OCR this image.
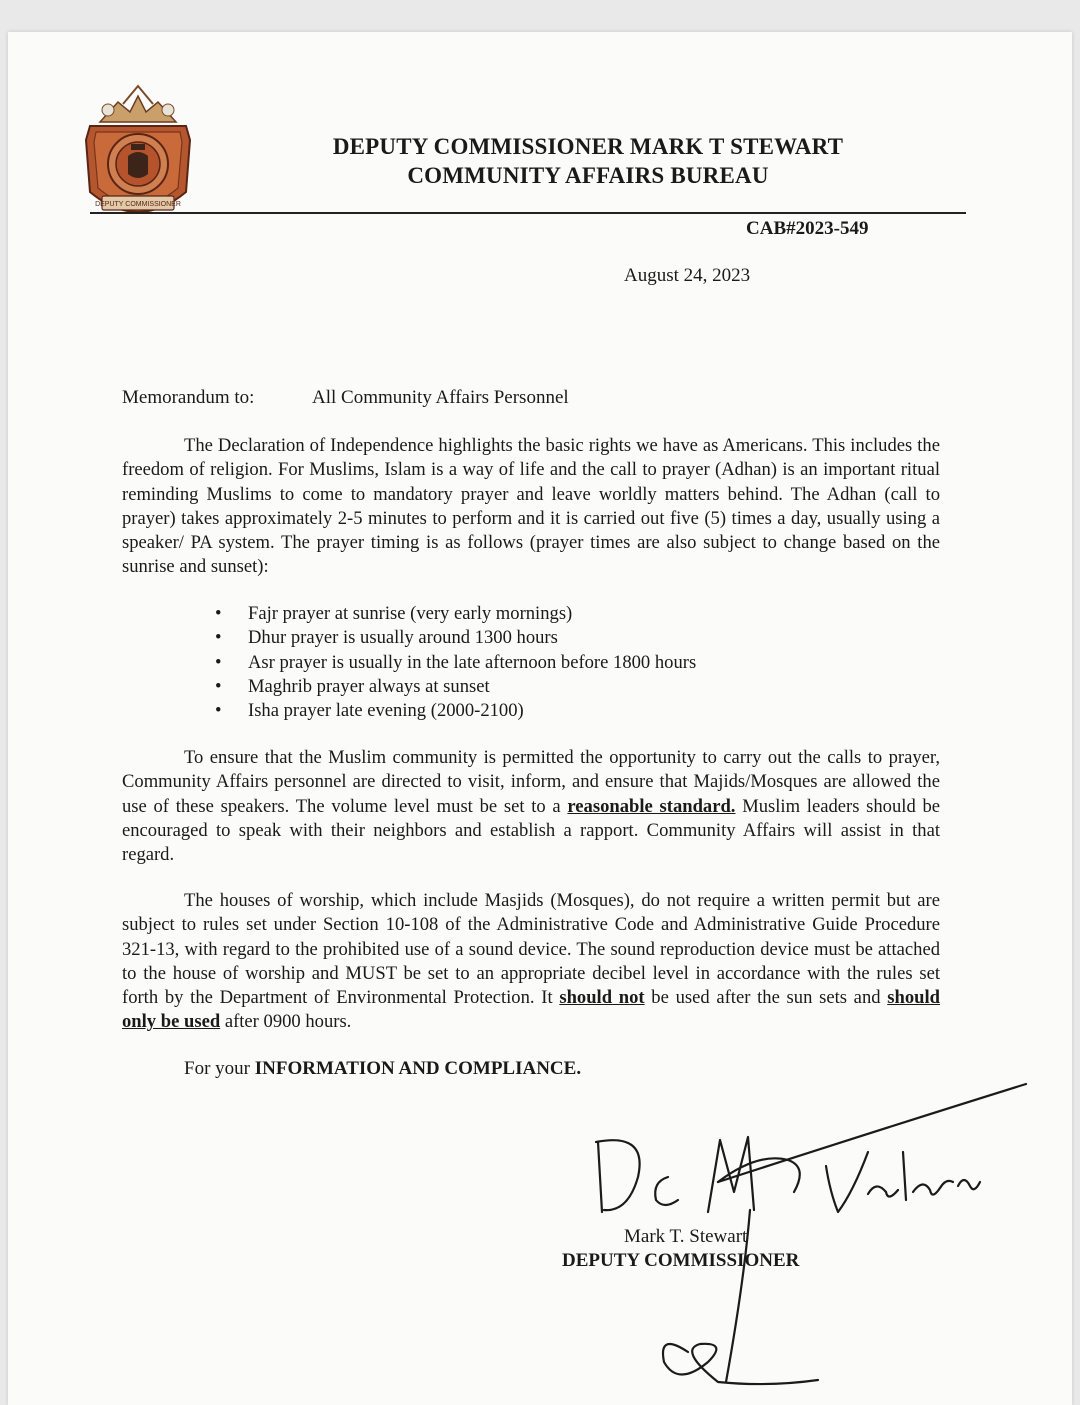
DEPUTY COMMISSIONER
DEPUTY COMMISSIONER MARK T STEWART
COMMUNITY AFFAIRS BUREAU
CAB#2023-549
August 24, 2023
Memorandum to:	All Community Affairs Personnel
The Declaration of Independence highlights the basic rights we have as Americans. This includes the freedom of religion. For Muslims, Islam is a way of life and the call to prayer (Adhan) is an important ritual reminding Muslims to come to mandatory prayer and leave worldly matters behind. The Adhan (call to prayer) takes approximately 2-5 minutes to perform and it is carried out five (5) times a day, usually using a speaker/ PA system. The prayer timing is as follows (prayer times are also subject to change based on the sunrise and sunset):
• Fajr prayer at sunrise (very early mornings)
• Dhur prayer is usually around 1300 hours
• Asr prayer is usually in the late afternoon before 1800 hours
• Maghrib prayer always at sunset
• Isha prayer late evening (2000-2100)
To ensure that the Muslim community is permitted the opportunity to carry out the calls to prayer, Community Affairs personnel are directed to visit, inform, and ensure that Majids/Mosques are allowed the use of these speakers. The volume level must be set to a reasonable standard. Muslim leaders should be encouraged to speak with their neighbors and establish a rapport. Community Affairs will assist in that regard.
The houses of worship, which include Masjids (Mosques), do not require a written permit but are subject to rules set under Section 10-108 of the Administrative Code and Administrative Guide Procedure 321-13, with regard to the prohibited use of a sound device. The sound reproduction device must be attached to the house of worship and MUST be set to an appropriate decibel level in accordance with the rules set forth by the Department of Environmental Protection. It should not be used after the sun sets and should only be used after 0900 hours.
For your INFORMATION AND COMPLIANCE.
Mark T. Stewart
DEPUTY COMMISSIONER
